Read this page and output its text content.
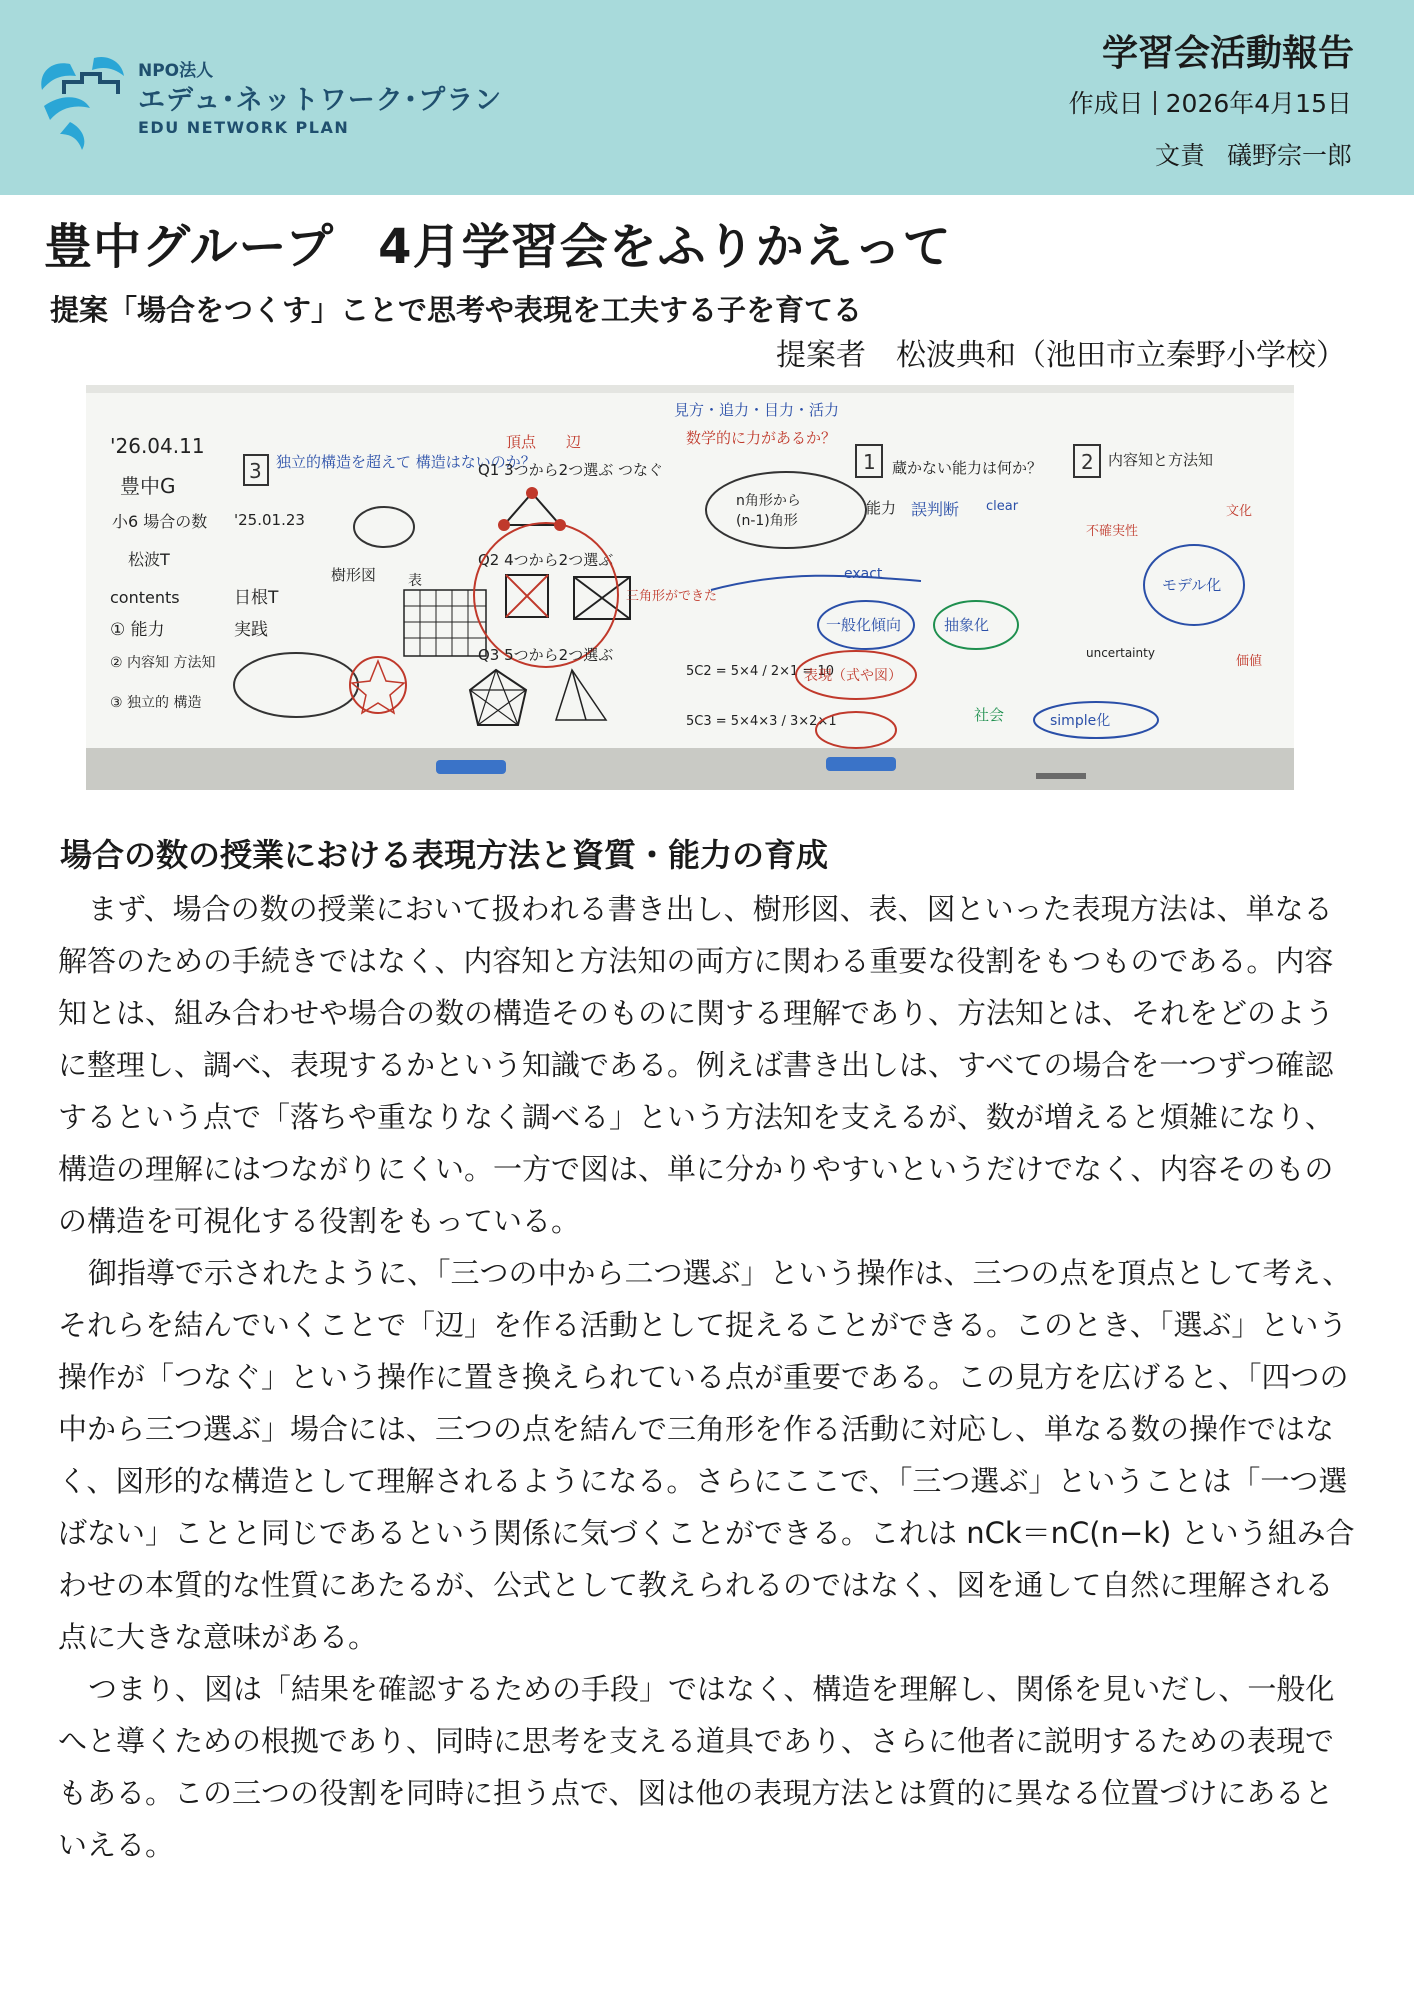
NPO法人
エデュ･ネットワーク･プラン
EDU NETWORK PLAN
学習会活動報告
作成日 2026年4月15日
文責 礒野宗一郎
豊中グループ 4月学習会をふりかえって
提案「場合をつくす」ことで思考や表現を工夫する子を育てる
提案者 松波典和（池田市立秦野小学校）
'26.04.11
豊中G
小6 場合の数
松波T
contents
① 能力
② 内容知 方法知
③ 独立的 構造
3 独立的構造を超えて 構造はないのか？
'25.01.23
日根T
実践
樹形図
頂点 辺
Q1 3つから2つ選ぶ つなぐ
Q2 4つから2つ選ぶ
表
三角形ができた
Q3 5つから2つ選ぶ
見方・追力・目力・活力
数学的に力があるか？
n角形から
(n-1)角形
exact
5C2 = 5×4 / 2×1 = 10
5C3 = 5×4×3 / 3×2×1
1 蔵かない能力は何か？
能力 誤判断 clear
一般化傾向	抽象化
表現（式や図）
社会	simple化
2 内容知と方法知
モデル化
uncertainty
不確実性
文化
価値
場合の数の授業における表現方法と資質・能力の育成

まず、場合の数の授業において扱われる書き出し、樹形図、表、図といった表現方法は、単なる解答のための手続きではなく、内容知と方法知の両方に関わる重要な役割をもつものである。内容知とは、組み合わせや場合の数の構造そのものに関する理解であり、方法知とは、それをどのように整理し、調べ、表現するかという知識である。例えば書き出しは、すべての場合を一つずつ確認するという点で「落ちや重なりなく調べる」という方法知を支えるが、数が増えると煩雑になり、構造の理解にはつながりにくい。一方で図は、単に分かりやすいというだけでなく、内容そのものの構造を可視化する役割をもっている。

御指導で示されたように、「三つの中から二つ選ぶ」という操作は、三つの点を頂点として考え、それらを結んでいくことで「辺」を作る活動として捉えることができる。このとき、「選ぶ」という操作が「つなぐ」という操作に置き換えられている点が重要である。この見方を広げると、「四つの中から三つ選ぶ」場合には、三つの点を結んで三角形を作る活動に対応し、単なる数の操作ではなく、図形的な構造として理解されるようになる。さらにここで、「三つ選ぶ」ということは「一つ選ばない」ことと同じであるという関係に気づくことができる。これは nCk＝nC(n−k) という組み合わせの本質的な性質にあたるが、公式として教えられるのではなく、図を通して自然に理解される点に大きな意味がある。

つまり、図は「結果を確認するための手段」ではなく、構造を理解し、関係を見いだし、一般化へと導くための根拠であり、同時に思考を支える道具であり、さらに他者に説明するための表現でもある。この三つの役割を同時に担う点で、図は他の表現方法とは質的に異なる位置づけにあるといえる。
